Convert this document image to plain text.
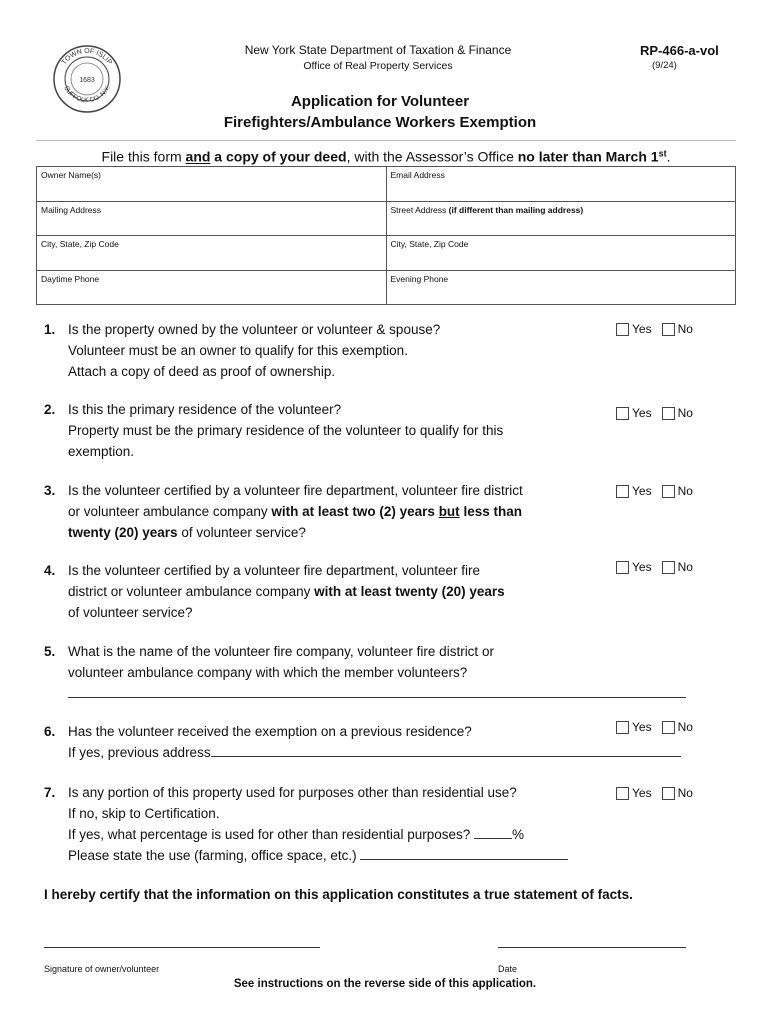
TOWN OF ISLIP
SUFFOLK CO. N.Y.
1683
New York State Department of Taxation & Finance
Office of Real Property Services
RP-466-a-vol
(9/24)
Application for Volunteer
Firefighters/Ambulance Workers Exemption
File this form and a copy of your deed, with the Assessor’s Office no later than March 1st.
Owner Name(s)	Email Address
Mailing Address	Street Address (if different than mailing address)
City, State, Zip Code	City, State, Zip Code
Daytime Phone	Evening Phone
1. Is the property owned by the volunteer or volunteer & spouse?
Volunteer must be an owner to qualify for this exemption.
Attach a copy of deed as proof of ownership.
Yes No
2. Is this the primary residence of the volunteer?
Property must be the primary residence of the volunteer to qualify for this
exemption.
Yes No
3. Is the volunteer certified by a volunteer fire department, volunteer fire district
or volunteer ambulance company with at least two (2) years but less than
twenty (20) years of volunteer service?
Yes No
4. Is the volunteer certified by a volunteer fire department, volunteer fire
district or volunteer ambulance company with at least twenty (20) years
of volunteer service?
Yes No
5. What is the name of the volunteer fire company, volunteer fire district or
volunteer ambulance company with which the member volunteers?
6. Has the volunteer received the exemption on a previous residence?
If yes, previous address
Yes No
7. Is any portion of this property used for purposes other than residential use?
If no, skip to Certification.
If yes, what percentage is used for other than residential purposes?	%
Please state the use (farming, office space, etc.)
Yes No
I hereby certify that the information on this application constitutes a true statement of facts.
Signature of owner/volunteer	Date
See instructions on the reverse side of this application.
